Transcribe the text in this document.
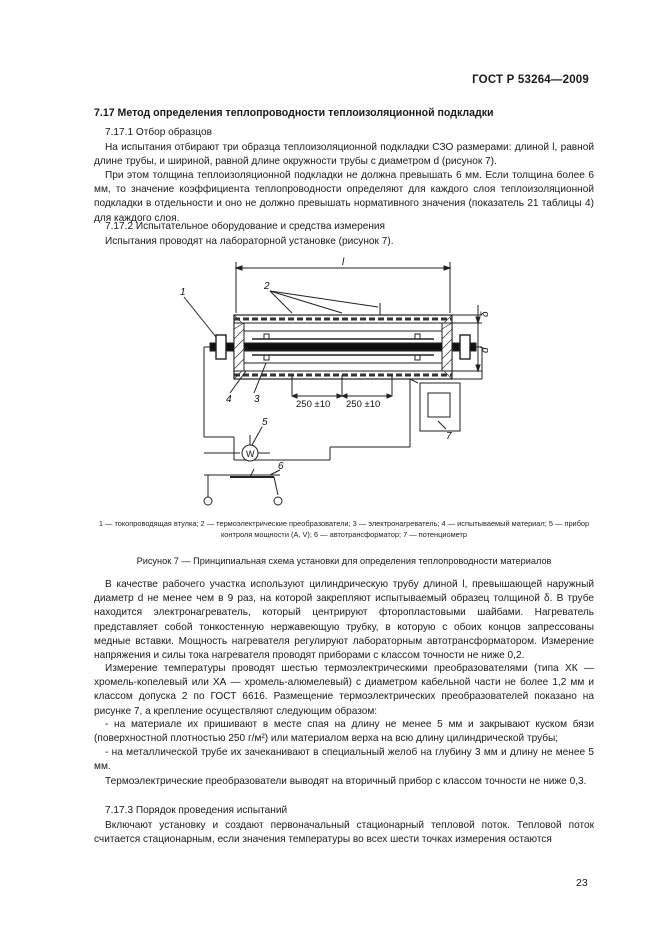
ГОСТ Р 53264—2009
7.17 Метод определения теплопроводности теплоизоляционной подкладки

7.17.1 Отбор образцов

На испытания отбирают три образца теплоизоляционной подкладки СЗО размерами: длиной l, равной длине трубы, и шириной, равной длине окружности трубы с диаметром d (рисунок 7).

При этом толщина теплоизоляционной подкладки не должна превышать 6 мм. Если толщина более 6 мм, то значение коэффициента теплопроводности определяют для каждого слоя теплоизоляционной подкладки в отдельности и оно не должно превышать нормативного значения (показатель 21 таблицы 4) для каждого слоя.

7.17.2 Испытательное оборудование и средства измерения

Испытания проводят на лабораторной установке (рисунок 7).

l
1
2
3
4
5
6
7
W
250 ±10 250 ±10
δ
d
1 — токопроводящая втулка; 2 — термоэлектрические преобразователи; 3 — электронагреватель; 4 — испытываемый материал; 5 — прибор контроля мощности (А, V); 6 — автотрансформатор; 7 — потенциометр
Рисунок 7 — Принципиальная схема установки для определения теплопроводности материалов

В качестве рабочего участка используют цилиндрическую трубу длиной l, превышающей наружный диаметр d не менее чем в 9 раз, на которой закрепляют испытываемый образец толщиной δ. В трубе находится электронагреватель, который центрируют фторопластовыми шайбами. Нагреватель представляет собой тонкостенную нержавеющую трубку, в которую с обоих концов запрессованы медные вставки. Мощность нагревателя регулируют лабораторным автотрансформатором. Измерение напряжения и силы тока нагревателя проводят приборами с классом точности не ниже 0,2.

Измерение температуры проводят шестью термоэлектрическими преобразователями (типа ХК — хромель-копелевый или ХА — хромель-алюмелевый) с диаметром кабельной части не более 1,2 мм и классом допуска 2 по ГОСТ 6616. Размещение термоэлектрических преобразователей показано на рисунке 7, а крепление осуществляют следующим образом:

- на материале их пришивают в месте спая на длину не менее 5 мм и закрывают куском бязи (поверхностной плотностью 250 г/м²) или материалом верха на всю длину цилиндрической трубы;

- на металлической трубе их зачеканивают в специальный желоб на глубину 3 мм и длину не менее 5 мм.

Термоэлектрические преобразователи выводят на вторичный прибор с классом точности не ниже 0,3.

7.17.3 Порядок проведения испытаний

Включают установку и создают первоначальный стационарный тепловой поток. Тепловой поток считается стационарным, если значения температуры во всех шести точках измерения остаются

23
